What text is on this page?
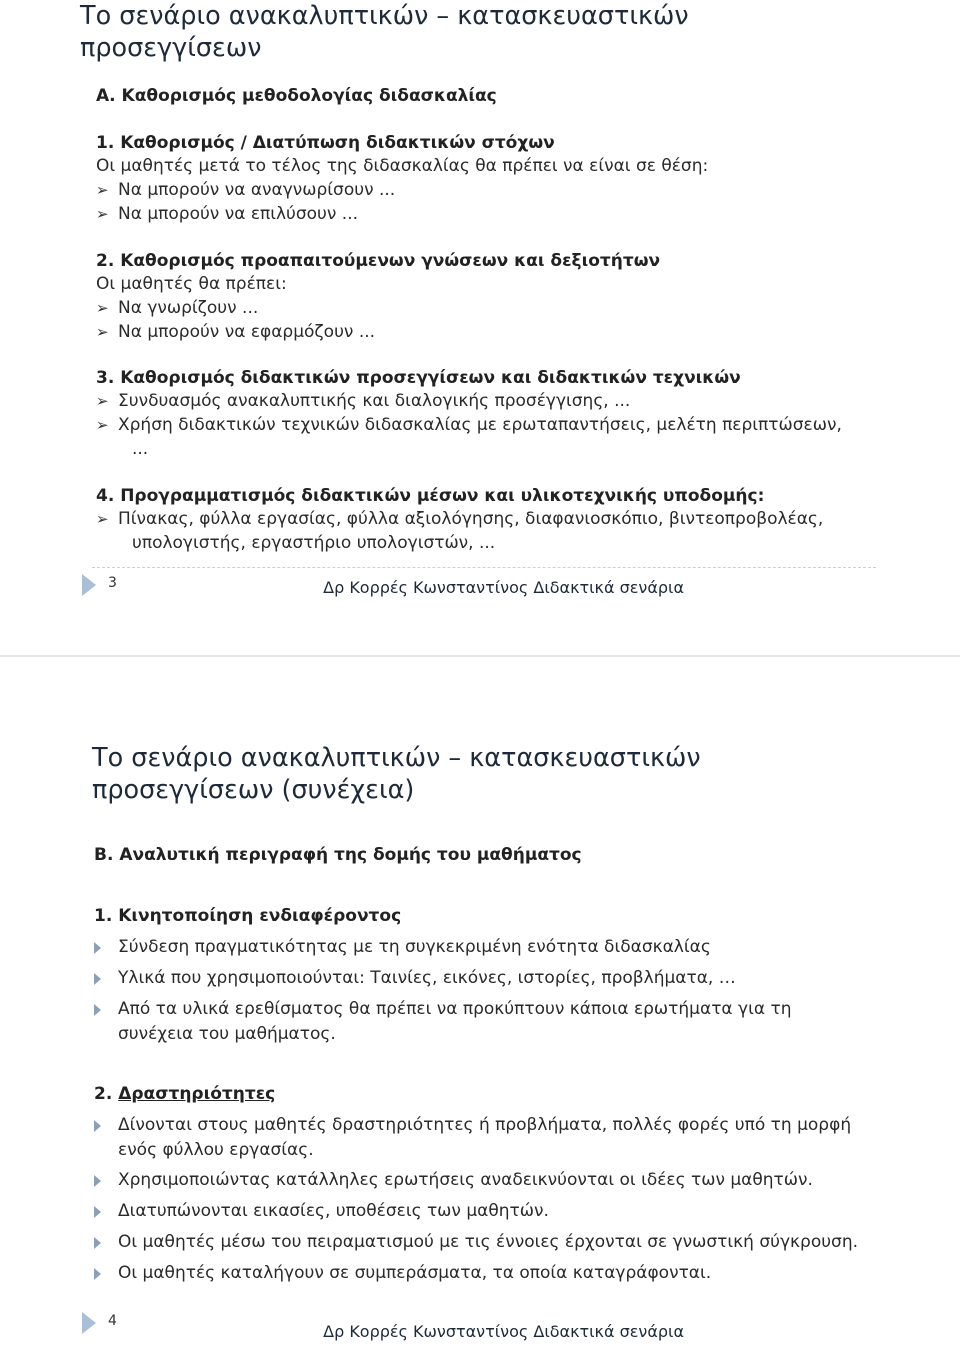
Το σενάριο ανακαλυπτικών – κατασκευαστικών
προσεγγίσεων

Α. Καθορισμός μεθοδολογίας διδασκαλίας

1. Καθορισμός / Διατύπωση διδακτικών στόχων

Οι μαθητές μετά το τέλος της διδασκαλίας θα πρέπει να είναι σε θέση:
➢ Να μπορούν να αναγνωρίσουν ...
➢ Να μπορούν να επιλύσουν ...

2. Καθορισμός προαπαιτούμενων γνώσεων και δεξιοτήτων

Οι μαθητές θα πρέπει:
➢ Να γνωρίζουν ...
➢ Να μπορούν να εφαρμόζουν ...

3. Καθορισμός διδακτικών προσεγγίσεων και διδακτικών τεχνικών

➢ Συνδυασμός ανακαλυπτικής και διαλογικής προσέγγισης, ...
➢ Χρήση διδακτικών τεχνικών διδασκαλίας με ερωταπαντήσεις, μελέτη περιπτώσεων,
...

4. Προγραμματισμός διδακτικών μέσων και υλικοτεχνικής υποδομής:

➢ Πίνακας, φύλλα εργασίας, φύλλα αξιολόγησης, διαφανιοσκόπιο, βιντεοπροβολέας,
υπολογιστής, εργαστήριο υπολογιστών, ...
3	Δρ Κορρές Κωνσταντίνος Διδακτικά σενάρια
Το σενάριο ανακαλυπτικών – κατασκευαστικών
προσεγγίσεων (συνέχεια)

Β. Αναλυτική περιγραφή της δομής του μαθήματος

1. Κινητοποίηση ενδιαφέροντος

Σύνδεση πραγματικότητας με τη συγκεκριμένη ενότητα διδασκαλίας
Υλικά που χρησιμοποιούνται: Ταινίες, εικόνες, ιστορίες, προβλήματα, …
Από τα υλικά ερεθίσματος θα πρέπει να προκύπτουν κάποια ερωτήματα για τη
συνέχεια του μαθήματος.

2. Δραστηριότητες

Δίνονται στους μαθητές δραστηριότητες ή προβλήματα, πολλές φορές υπό τη μορφή
ενός φύλλου εργασίας.
Χρησιμοποιώντας κατάλληλες ερωτήσεις αναδεικνύονται οι ιδέες των μαθητών.
Διατυπώνονται εικασίες, υποθέσεις των μαθητών.
Οι μαθητές μέσω του πειραματισμού με τις έννοιες έρχονται σε γνωστική σύγκρουση.
Οι μαθητές καταλήγουν σε συμπεράσματα, τα οποία καταγράφονται.
4
Δρ Κορρές Κωνσταντίνος Διδακτικά σενάρια
